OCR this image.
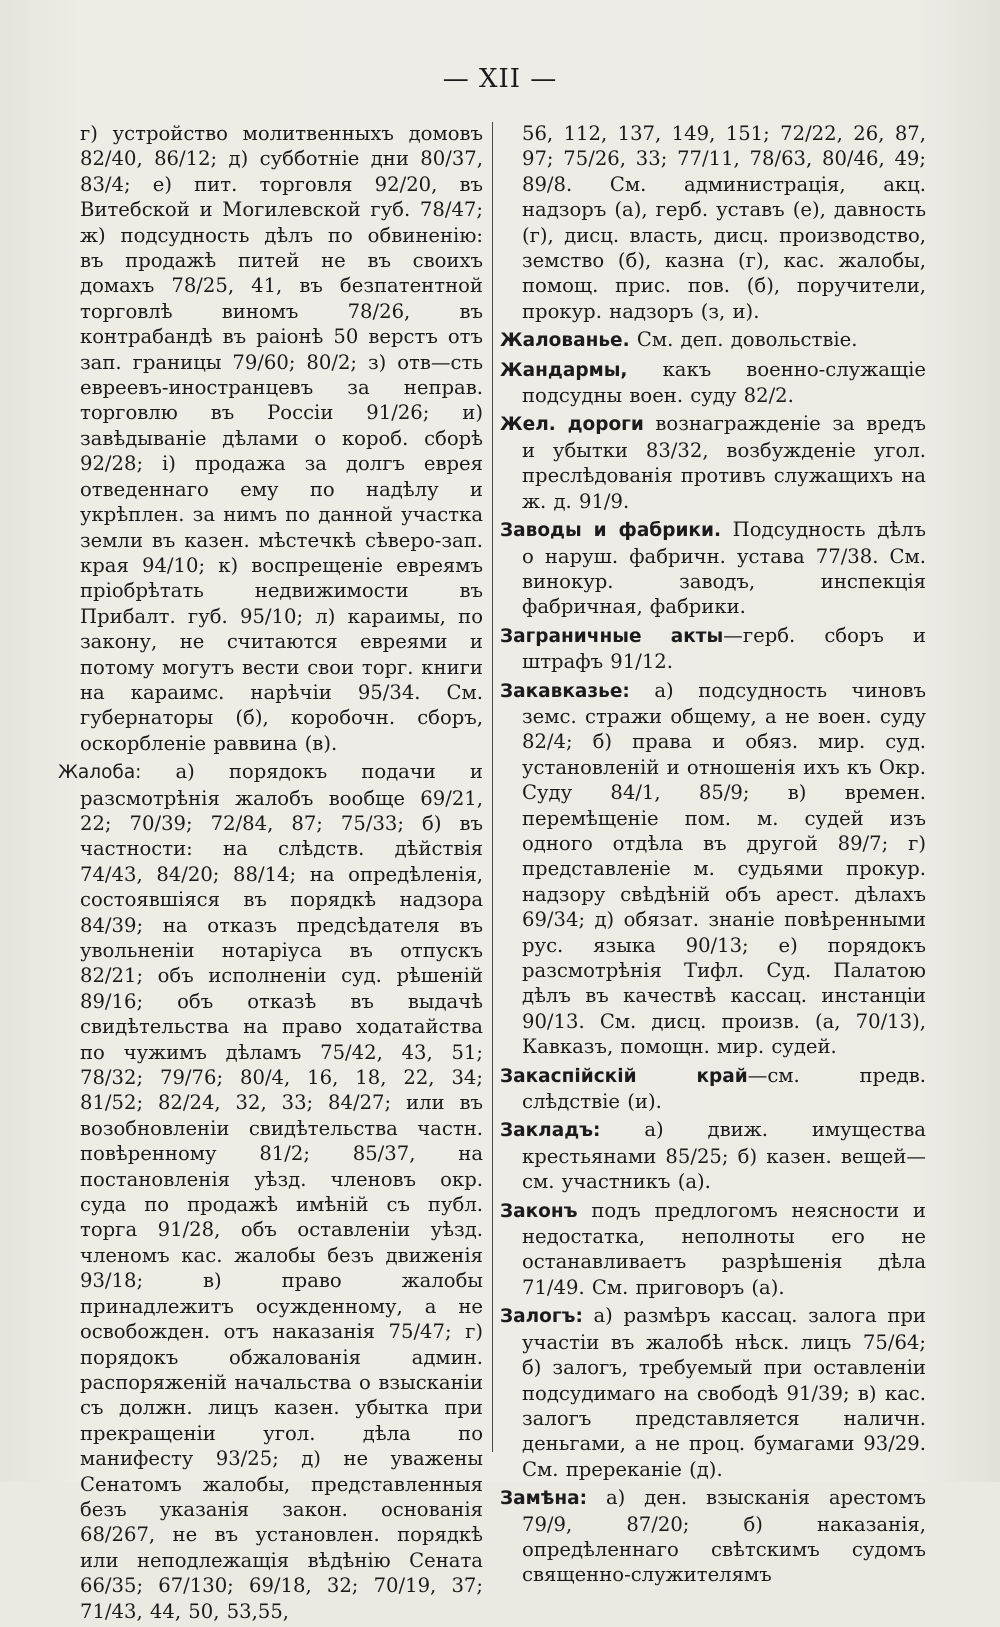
— XII —

г) устройство молитвенныхъ домовъ 82/40, 86/12; д) субботніе дни 80/37, 83/4; е) пит. торговля 92/20, въ Витебской и Могилевской губ. 78/47; ж) подсудность дѣлъ по обвиненію: въ продажѣ питей не въ своихъ домахъ 78/25, 41, въ безпатентной торговлѣ виномъ 78/26, въ контрабандѣ въ раіонѣ 50 верстъ отъ зап. границы 79/60; 80/2; з) отв—сть евреевъ-иностранцевъ за неправ. торговлю въ Россіи 91/26; и) завѣдываніе дѣлами о короб. сборѣ 92/28; і) продажа за долгъ еврея отведеннаго ему по надѣлу и укрѣплен. за нимъ по данной участка земли въ казен. мѣстечкѣ сѣверо-зап. края 94/10; к) воспрещеніе евреямъ пріобрѣтать недвижимости въ Прибалт. губ. 95/10; л) караимы, по закону, не считаются евреями и потому могутъ вести свои торг. книги на караимс. нарѣчіи 95/34. См. губернаторы (б), коробочн. сборъ, оскорбленіе раввина (в).

Жалоба: а) порядокъ подачи и разсмотрѣнія жалобъ вообще 69/21, 22; 70/39; 72/84, 87; 75/33; б) въ частности: на слѣдств. дѣйствія 74/43, 84/20; 88/14; на опредѣленія, состоявшіяся въ порядкѣ надзора 84/39; на отказъ предсѣдателя въ увольненіи нотаріуса въ отпускъ 82/21; объ исполненіи суд. рѣшеній 89/16; объ отказѣ въ выдачѣ свидѣтельства на право ходатайства по чужимъ дѣламъ 75/42, 43, 51; 78/32; 79/76; 80/4, 16, 18, 22, 34; 81/52; 82/24, 32, 33; 84/27; или въ возобновленіи свидѣтельства частн. повѣренному 81/2; 85/37, на постановленія уѣзд. членовъ окр. суда по продажѣ имѣній съ публ. торга 91/28, объ оставленіи уѣзд. членомъ кас. жалобы безъ движенія 93/18; в) право жалобы принадлежитъ осужденному, а не освобожден. отъ наказанія 75/47; г) порядокъ обжалованія админ. распоряженій начальства о взысканіи съ должн. лицъ казен. убытка при прекращеніи угол. дѣла по манифесту 93/25; д) не уважены Сенатомъ жалобы, представленныя безъ указанія закон. основанія 68/267, не въ установлен. порядкѣ или неподлежащія вѣдѣнію Сената 66/35; 67/130; 69/18, 32; 70/19, 37; 71/43, 44, 50, 53,55,

56, 112, 137, 149, 151; 72/22, 26, 87, 97; 75/26, 33; 77/11, 78/63, 80/46, 49; 89/8. См. администрація, акц. надзоръ (а), герб. уставъ (е), давность (г), дисц. власть, дисц. производство, земство (б), казна (г), кас. жалобы, помощ. прис. пов. (б), поручители, прокур. надзоръ (з, и).

Жалованье. См. деп. довольствіе.

Жандармы, какъ военно-служащіе подсудны воен. суду 82/2.

Жел. дороги вознагражденіе за вредъ и убытки 83/32, возбужденіе угол. преслѣдованія противъ служащихъ на ж. д. 91/9.

Заводы и фабрики. Подсудность дѣлъ о наруш. фабричн. устава 77/38. См. винокур. заводъ, инспекція фабричная, фабрики.

Заграничные акты—герб. сборъ и штрафъ 91/12.

Закавказье: а) подсудность чиновъ земс. стражи общему, а не воен. суду 82/4; б) права и обяз. мир. суд. установленій и отношенія ихъ къ Окр. Суду 84/1, 85/9; в) времен. перемѣщеніе пом. м. судей изъ одного отдѣла въ другой 89/7; г) представленіе м. судьями прокур. надзору свѣдѣній объ арест. дѣлахъ 69/34; д) обязат. знаніе повѣренными рус. языка 90/13; е) порядокъ разсмотрѣнія Тифл. Суд. Палатою дѣлъ въ качествѣ кассац. инстанціи 90/13. См. дисц. произв. (а, 70/13), Кавказъ, помощн. мир. судей.

Закаспійскій край—см. предв. слѣдствіе (и).

Закладъ: а) движ. имущества крестьянами 85/25; б) казен. вещей—см. участникъ (а).

Законъ подъ предлогомъ неясности и недостатка, неполноты его не останавливаетъ разрѣшенія дѣла 71/49. См. приговоръ (а).

Залогъ: а) размѣръ кассац. залога при участіи въ жалобѣ нѣск. лицъ 75/64; б) залогъ, требуемый при оставленіи подсудимаго на свободѣ 91/39; в) кас. залогъ представляется наличн. деньгами, а не проц. бумагами 93/29. См. пререканіе (д).

Замѣна: а) ден. взысканія арестомъ 79/9, 87/20; б) наказанія, опредѣленнаго свѣтскимъ судомъ священно-служителямъ
